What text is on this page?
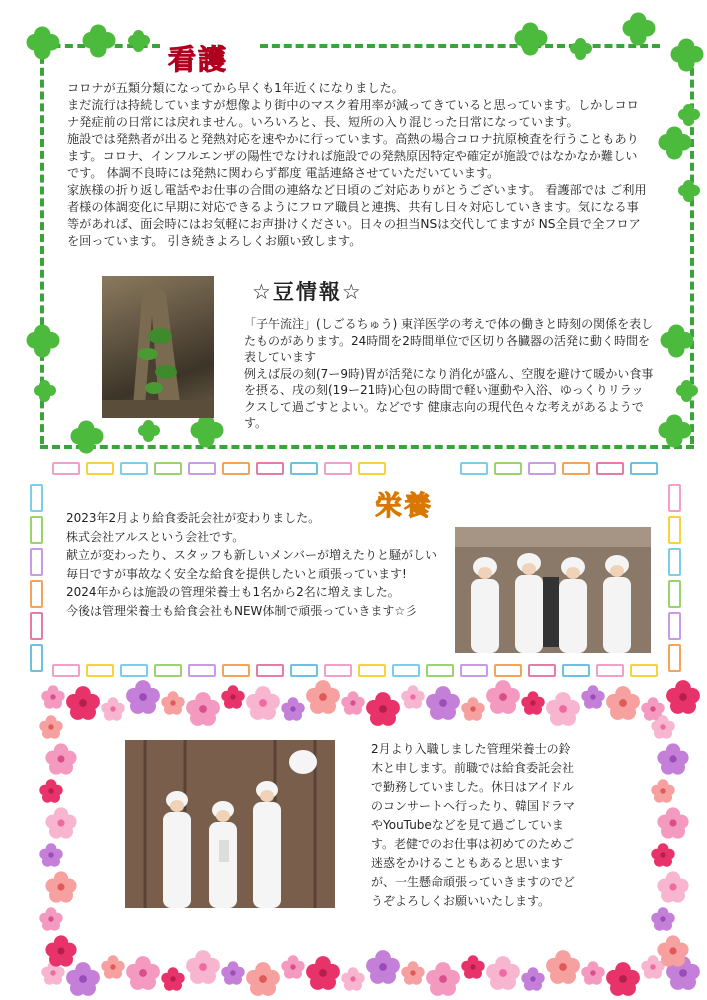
看護

コロナが五類分類になってから早くも1年近くになりました。

まだ流行は持続していますが想像より街中のマスク着用率が減ってきていると思っています。しかしコロナ発症前の日常には戻れません。いろいろと、長、短所の入り混じった日常になっています。

施設では発熱者が出ると発熱対応を速やかに行っています。高熱の場合コロナ抗原検査を行うこともあります。コロナ、インフルエンザの陽性でなければ施設での発熱原因特定や確定が施設ではなかなか難しいです。 体調不良時には発熱に関わらず都度 電話連絡させていただいています。

家族様の折り返し電話やお仕事の合間の連絡など日頃のご対応ありがとうございます。 看護部では ご利用者様の体調変化に早期に対応できるようにフロア職員と連携、共有し日々対応していきます。気になる事等があれば、面会時にはお気軽にお声掛けください。日々の担当NSは交代してますが NS全員で全フロアを回っています。 引き続きよろしくお願い致します。

☆豆情報☆

「子午流注」(しごるちゅう) 東洋医学の考えで体の働きと時刻の関係を表したものがあります。24時間を2時間単位で区切り各臓器の活発に動く時間を表しています

例えば辰の刻(7ー9時)胃が活発になり消化が盛ん、空腹を避けて暖かい食事を摂る、戌の刻(19ー21時)心包の時間で軽い運動や入浴、ゆっくりリラックスして過ごすとよい。などです 健康志向の現代色々な考えがあるようです。

栄養

2023年2月より給食委託会社が変わりました。

株式会社アルスという会社です。

献立が変わったり、スタッフも新しいメンバーが増えたりと騒がしい毎日ですが事故なく安全な給食を提供したいと頑張っています!

2024年からは施設の管理栄養士も1名から2名に増えました。

今後は管理栄養士も給食会社もNEW体制で頑張っていきます☆彡

2月より入職しました管理栄養士の鈴木と申します。前職では給食委託会社で勤務していました。休日はアイドルのコンサートへ行ったり、韓国ドラマやYouTubeなどを見て過ごしています。老健でのお仕事は初めてのためご迷惑をかけることもあると思いますが、一生懸命頑張っていきますのでどうぞよろしくお願いいたします。
